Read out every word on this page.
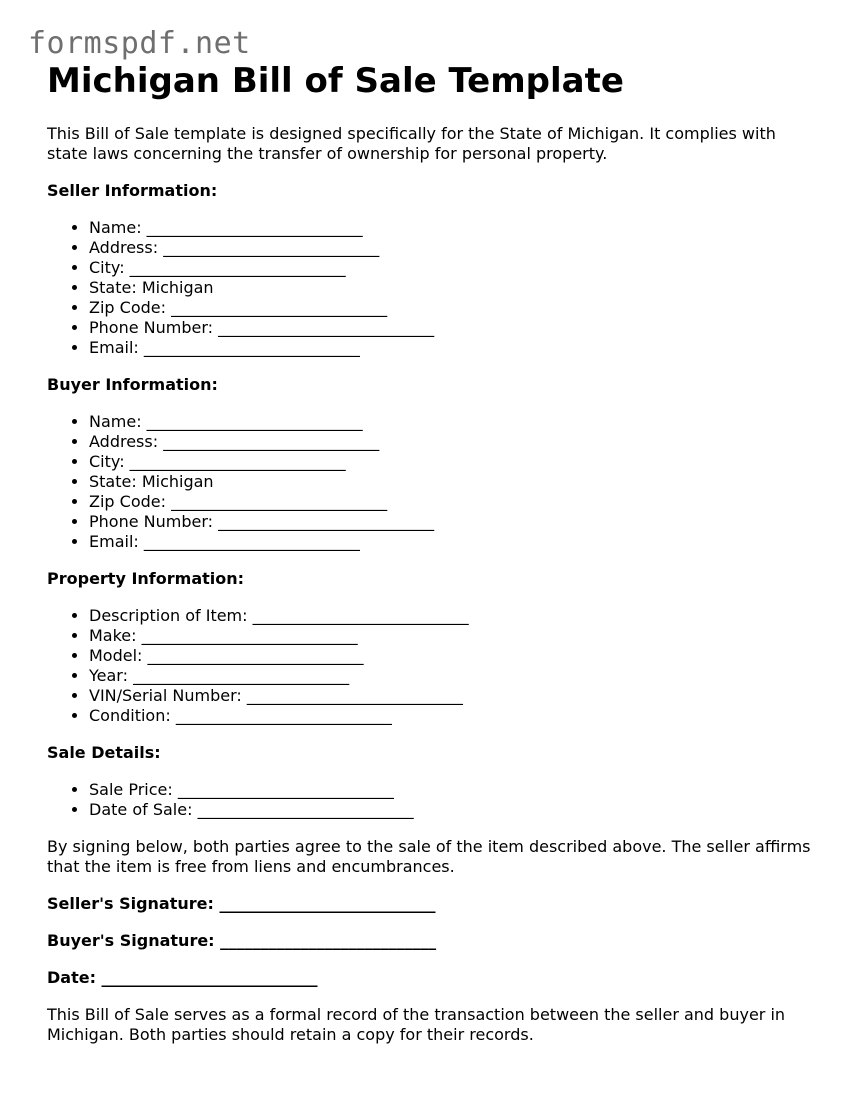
formspdf.net
Michigan Bill of Sale Template

This Bill of Sale template is designed specifically for the State of Michigan. It complies with state laws concerning the transfer of ownership for personal property.

Seller Information:

• Name: ___________________________
• Address: ___________________________
• City: ___________________________
• State: Michigan
• Zip Code: ___________________________
• Phone Number: ___________________________
• Email: ___________________________

Buyer Information:

• Name: ___________________________
• Address: ___________________________
• City: ___________________________
• State: Michigan
• Zip Code: ___________________________
• Phone Number: ___________________________
• Email: ___________________________

Property Information:

• Description of Item: ___________________________
• Make: ___________________________
• Model: ___________________________
• Year: ___________________________
• VIN/Serial Number: ___________________________
• Condition: ___________________________

Sale Details:

• Sale Price: ___________________________
• Date of Sale: ___________________________

By signing below, both parties agree to the sale of the item described above. The seller affirms that the item is free from liens and encumbrances.

Seller's Signature: ___________________________

Buyer's Signature: ___________________________

Date: ___________________________

This Bill of Sale serves as a formal record of the transaction between the seller and buyer in Michigan. Both parties should retain a copy for their records.
